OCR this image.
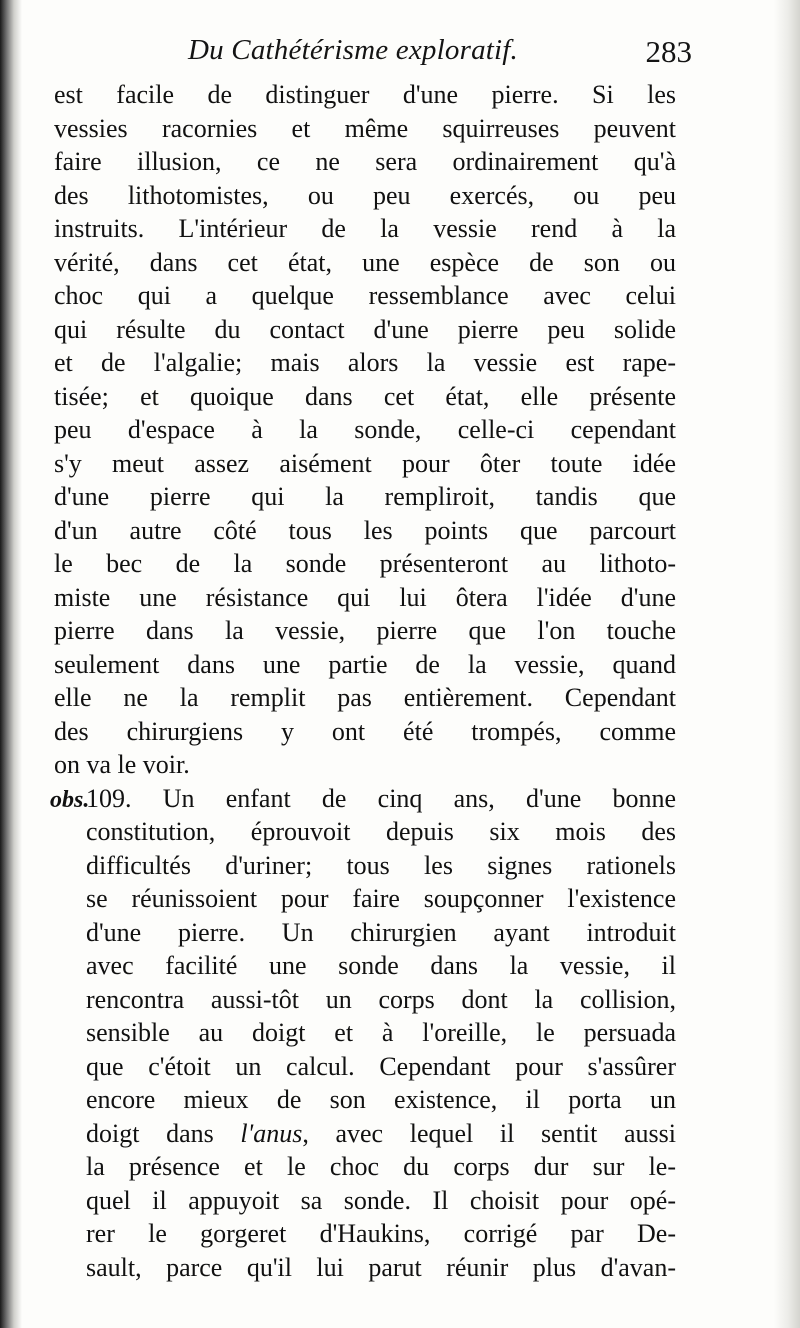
Du Cathétérisme exploratif.	283
est facile de distinguer d'une pierre. Si les
vessies racornies et même squirreuses peuvent
faire illusion, ce ne sera ordinairement qu'à
des lithotomistes, ou peu exercés, ou peu
instruits. L'intérieur de la vessie rend à la
vérité, dans cet état, une espèce de son ou
choc qui a quelque ressemblance avec celui
qui résulte du contact d'une pierre peu solide
et de l'algalie; mais alors la vessie est rape-
tisée; et quoique dans cet état, elle présente
peu d'espace à la sonde, celle-ci cependant
s'y meut assez aisément pour ôter toute idée
d'une pierre qui la rempliroit, tandis que
d'un autre côté tous les points que parcourt
le bec de la sonde présenteront au lithoto-
miste une résistance qui lui ôtera l'idée d'une
pierre dans la vessie, pierre que l'on touche
seulement dans une partie de la vessie, quand
elle ne la remplit pas entièrement. Cependant
des chirurgiens y ont été trompés, comme
on va le voir.
obs.109. Un enfant de cinq ans, d'une bonne
constitution, éprouvoit depuis six mois des
difficultés d'uriner; tous les signes rationels
se réunissoient pour faire soupçonner l'existence
d'une pierre. Un chirurgien ayant introduit
avec facilité une sonde dans la vessie, il
rencontra aussi-tôt un corps dont la collision,
sensible au doigt et à l'oreille, le persuada
que c'étoit un calcul. Cependant pour s'assûrer
encore mieux de son existence, il porta un
doigt dans l'anus, avec lequel il sentit aussi
la présence et le choc du corps dur sur le-
quel il appuyoit sa sonde. Il choisit pour opé-
rer le gorgeret d'Haukins, corrigé par De-
sault, parce qu'il lui parut réunir plus d'avan-
